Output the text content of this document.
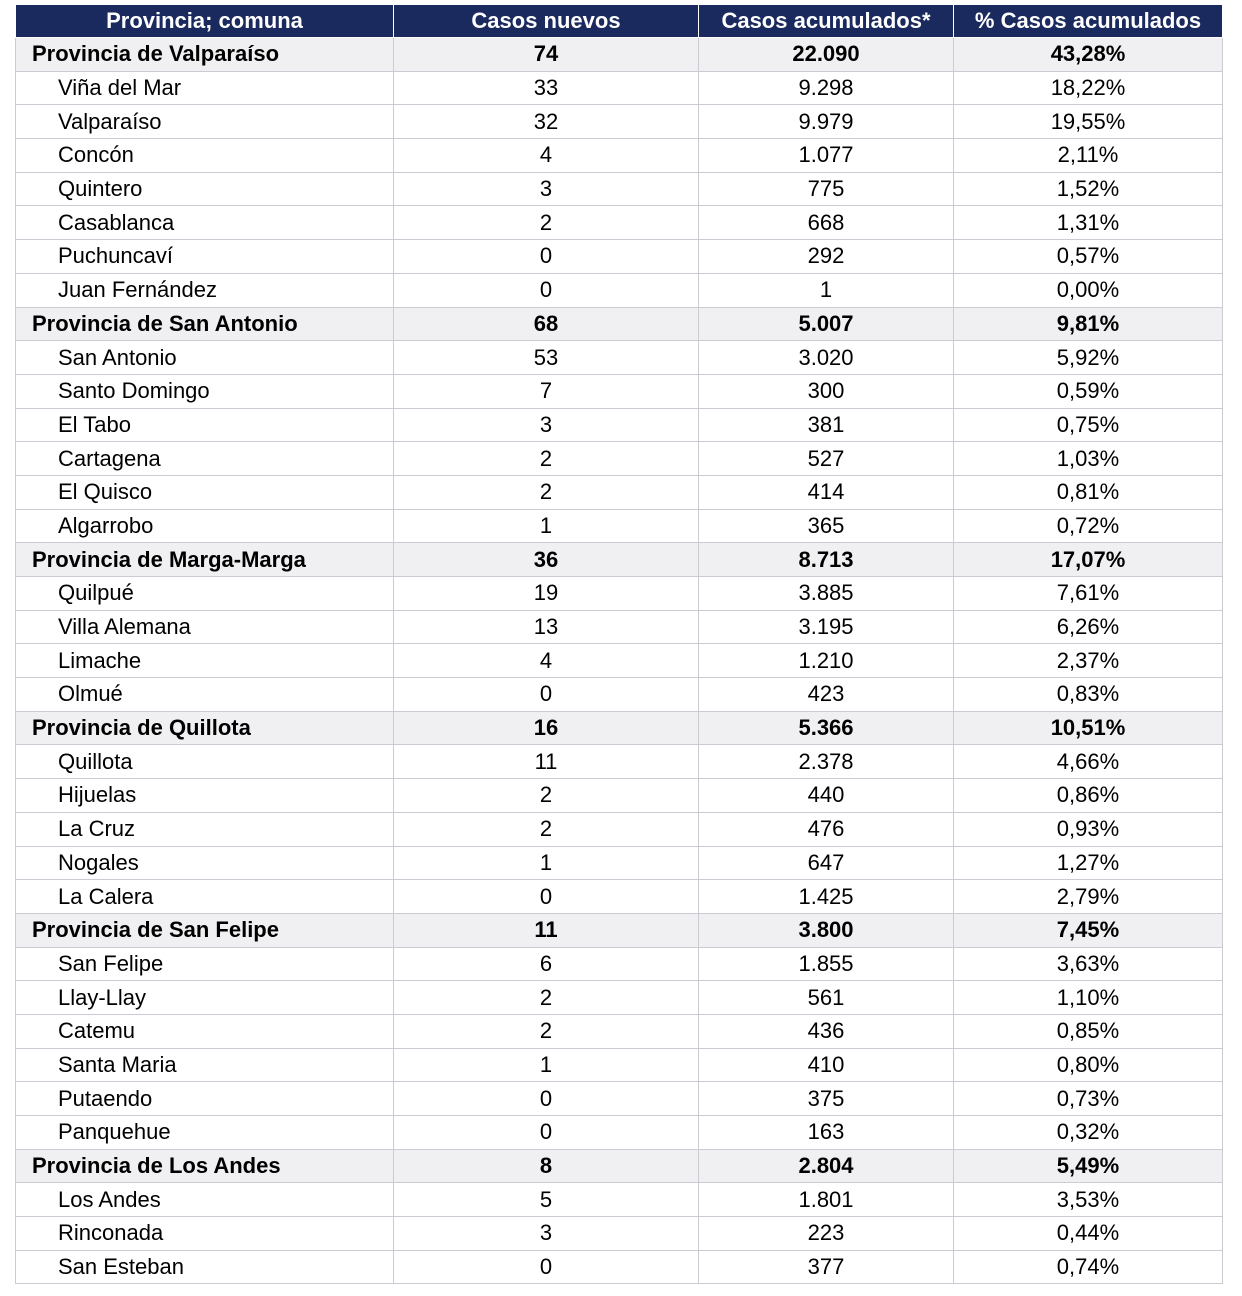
Provincia; comuna	Casos nuevos	Casos acumulados*	% Casos acumulados
Provincia de Valparaíso	74	22.090	43,28%
Viña del Mar	33	9.298	18,22%
Valparaíso	32	9.979	19,55%
Concón	4	1.077	2,11%
Quintero	3	775	1,52%
Casablanca	2	668	1,31%
Puchuncaví	0	292	0,57%
Juan Fernández	0	1	0,00%
Provincia de San Antonio	68	5.007	9,81%
San Antonio	53	3.020	5,92%
Santo Domingo	7	300	0,59%
El Tabo	3	381	0,75%
Cartagena	2	527	1,03%
El Quisco	2	414	0,81%
Algarrobo	1	365	0,72%
Provincia de Marga-Marga	36	8.713	17,07%
Quilpué	19	3.885	7,61%
Villa Alemana	13	3.195	6,26%
Limache	4	1.210	2,37%
Olmué	0	423	0,83%
Provincia de Quillota	16	5.366	10,51%
Quillota	11	2.378	4,66%
Hijuelas	2	440	0,86%
La Cruz	2	476	0,93%
Nogales	1	647	1,27%
La Calera	0	1.425	2,79%
Provincia de San Felipe	11	3.800	7,45%
San Felipe	6	1.855	3,63%
Llay-Llay	2	561	1,10%
Catemu	2	436	0,85%
Santa Maria	1	410	0,80%
Putaendo	0	375	0,73%
Panquehue	0	163	0,32%
Provincia de Los Andes	8	2.804	5,49%
Los Andes	5	1.801	3,53%
Rinconada	3	223	0,44%
San Esteban	0	377	0,74%
